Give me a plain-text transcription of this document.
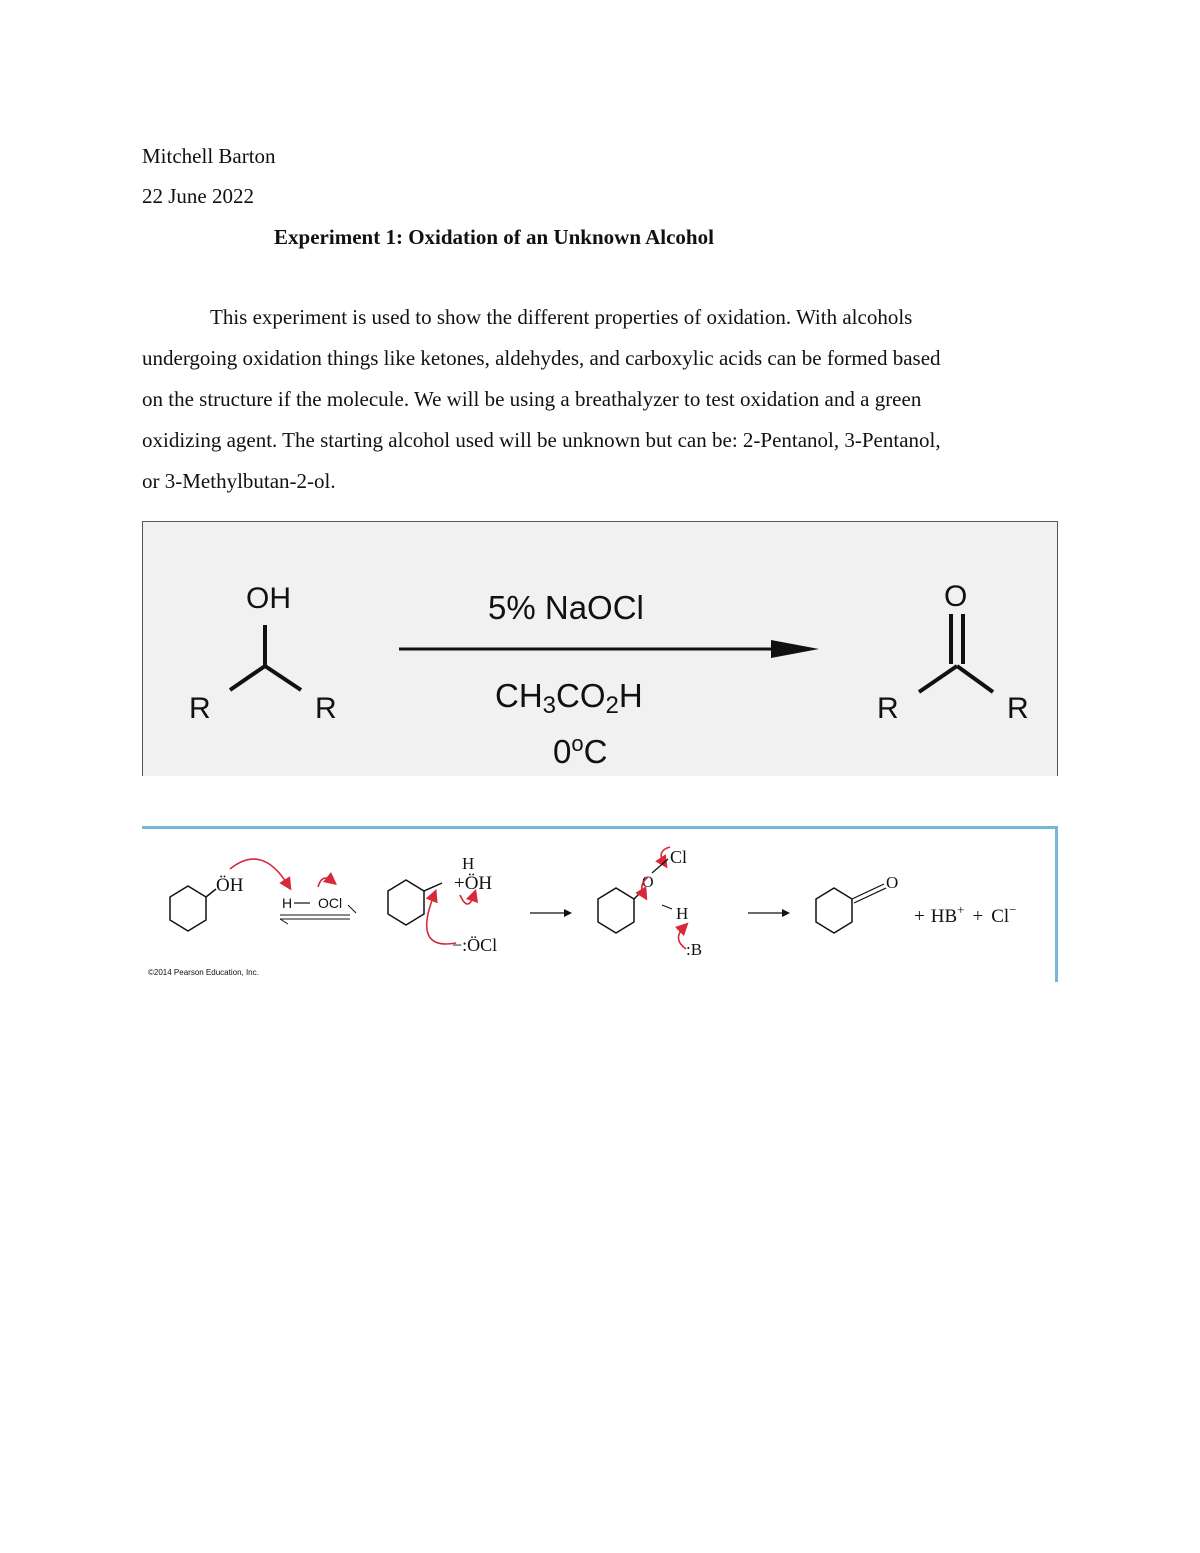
Mitchell Barton

22 June 2022

Experiment 1: Oxidation of an Unknown Alcohol

This experiment is used to show the different properties of oxidation. With alcohols
undergoing oxidation things like ketones, aldehydes, and carboxylic acids can be formed based
on the structure if the molecule. We will be using a breathalyzer to test oxidation and a green
oxidizing agent. The starting alcohol used will be unknown but can be: 2-Pentanol, 3-Pentanol,
or 3-Methylbutan-2-ol.

OH
R	R
5% NaOCl
CH3CO2H
0$^o$C
O
R	R
ÖH
H OCl
H
+ÖH
−:ÖCl
Cl
O
H
:B
O
+ HB+ + Cl−
©2014 Pearson Education, Inc.
